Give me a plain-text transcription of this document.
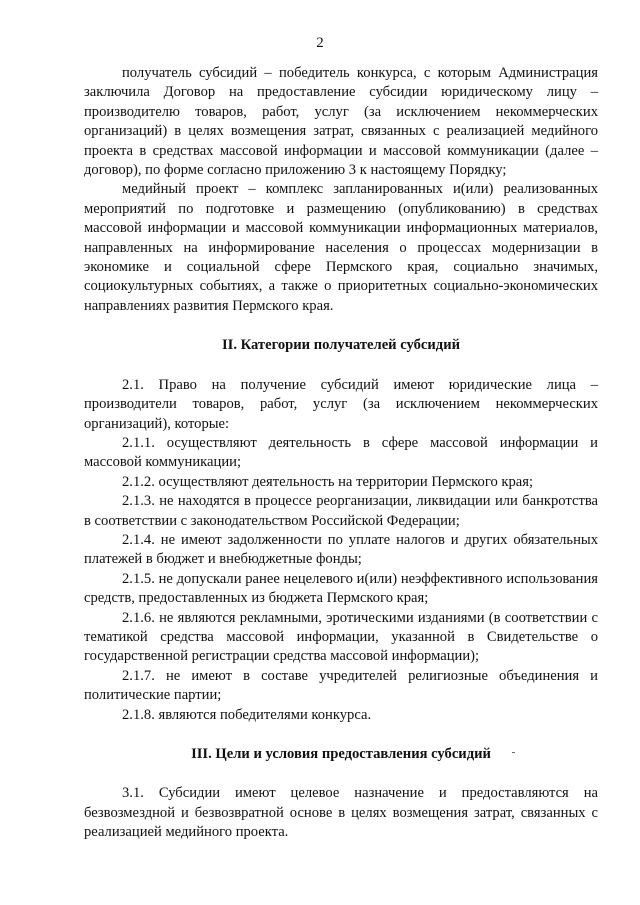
2

получатель субсидий – победитель конкурса, с которым Администрация заключила Договор на предоставление субсидии юридическому лицу – производителю товаров, работ, услуг (за исключением некоммерческих организаций) в целях возмещения затрат, связанных с реализацией медийного проекта в средствах массовой информации и массовой коммуникации (далее – договор), по форме согласно приложению 3 к настоящему Порядку;

медийный проект – комплекс запланированных и(или) реализованных мероприятий по подготовке и размещению (опубликованию) в средствах массовой информации и массовой коммуникации информационных материалов, направленных на информирование населения о процессах модернизации в экономике и социальной сфере Пермского края, социально значимых, социокультурных событиях, а также о приоритетных социально-экономических направлениях развития Пермского края.

II. Категории получателей субсидий

2.1. Право на получение субсидий имеют юридические лица – производители товаров, работ, услуг (за исключением некоммерческих организаций), которые:

2.1.1. осуществляют деятельность в сфере массовой информации и массовой коммуникации;

2.1.2. осуществляют деятельность на территории Пермского края;

2.1.3. не находятся в процессе реорганизации, ликвидации или банкротства в соответствии с законодательством Российской Федерации;

2.1.4. не имеют задолженности по уплате налогов и других обязательных платежей в бюджет и внебюджетные фонды;

2.1.5. не допускали ранее нецелевого и(или) неэффективного использования средств, предоставленных из бюджета Пермского края;

2.1.6. не являются рекламными, эротическими изданиями (в соответствии с тематикой средства массовой информации, указанной в Свидетельстве о государственной регистрации средства массовой информации);

2.1.7. не имеют в составе учредителей религиозные объединения и политические партии;

2.1.8. являются победителями конкурса.

III. Цели и условия предоставления субсидий

3.1. Субсидии имеют целевое назначение и предоставляются на безвозмездной и безвозвратной основе в целях возмещения затрат, связанных с реализацией медийного проекта.
